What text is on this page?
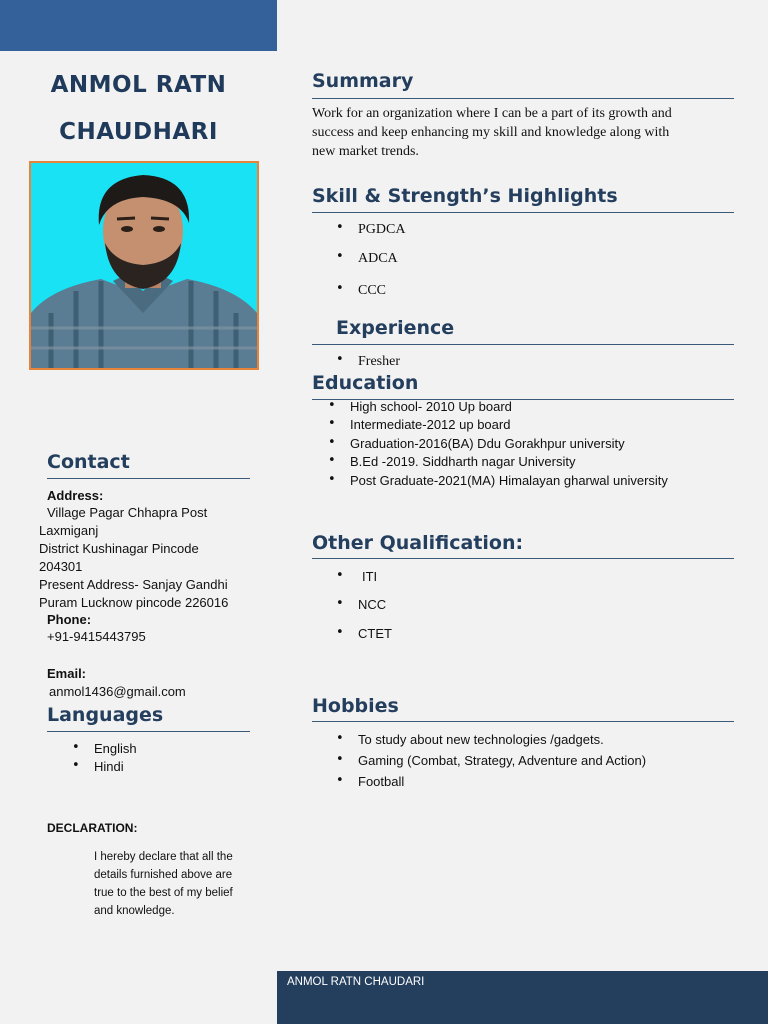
ANMOL RATN CHAUDARI
ANMOL RATN
CHAUDHARI
Summary
Work for an organization where I can be a part of its growth and
success and keep enhancing my skill and knowledge along with
new market trends.
Skill & Strength’s Highlights
• PGDCA
• ADCA
• CCC
Experience
• Fresher
Education
• High school- 2010 Up board
• Intermediate-2012 up board
• Graduation-2016(BA) Ddu Gorakhpur university
• B.Ed -2019. Siddharth nagar University
• Post Graduate-2021(MA) Himalayan gharwal university
Other Qualification:
• ITI
• NCC
• CTET
Hobbies
• To study about new technologies /gadgets.
• Gaming (Combat, Strategy, Adventure and Action)
• Football
Contact
Address:
Village Pagar Chhapra Post
Laxmiganj
District Kushinagar Pincode
204301
Present Address- Sanjay Gandhi
Puram Lucknow pincode 226016
Phone:
+91-9415443795
Email:
anmol1436@gmail.com
Languages
• English
• Hindi
DECLARATION:
I hereby declare that all the
details furnished above are
true to the best of my belief
and knowledge.
